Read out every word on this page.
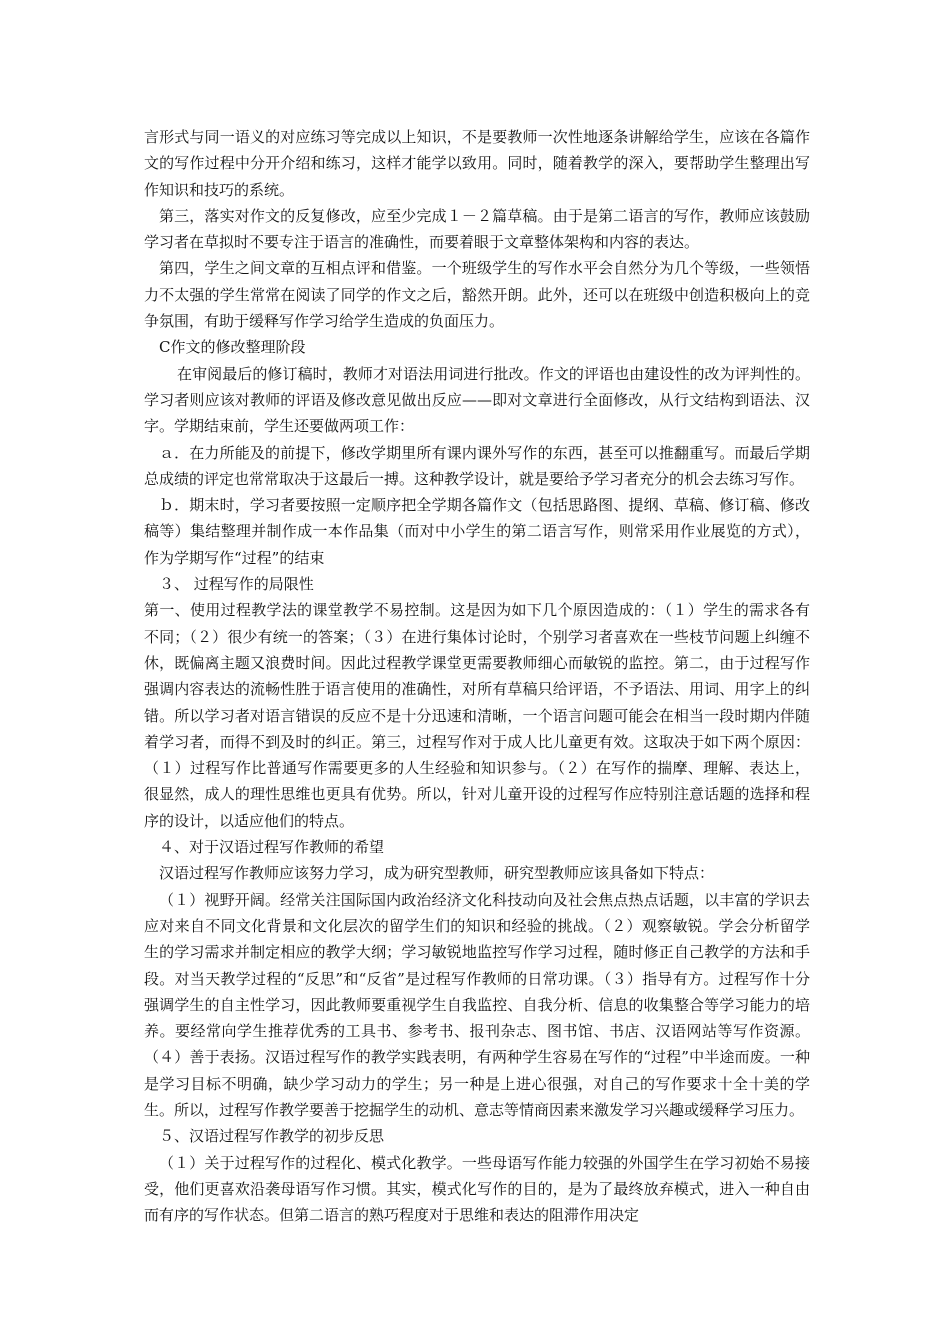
言形式与同一语义的对应练习等完成以上知识，不是要教师一次性地逐条讲解给学生，应该在各篇作文的写作过程中分开介绍和练习，这样才能学以致用。同时，随着教学的深入，要帮助学生整理出写作知识和技巧的系统。

第三，落实对作文的反复修改，应至少完成１－２篇草稿。由于是第二语言的写作，教师应该鼓励学习者在草拟时不要专注于语言的准确性，而要着眼于文章整体架构和内容的表达。

第四，学生之间文章的互相点评和借鉴。一个班级学生的写作水平会自然分为几个等级，一些领悟力不太强的学生常常在阅读了同学的作文之后，豁然开朗。此外，还可以在班级中创造积极向上的竞争氛围，有助于缓释写作学习给学生造成的负面压力。

C作文的修改整理阶段

在审阅最后的修订稿时，教师才对语法用词进行批改。作文的评语也由建设性的改为评判性的。学习者则应该对教师的评语及修改意见做出反应——即对文章进行全面修改，从行文结构到语法、汉字。学期结束前，学生还要做两项工作：

ａ．在力所能及的前提下，修改学期里所有课内课外写作的东西，甚至可以推翻重写。而最后学期总成绩的评定也常常取决于这最后一搏。这种教学设计，就是要给予学习者充分的机会去练习写作。

ｂ．期末时，学习者要按照一定顺序把全学期各篇作文（包括思路图、提纲、草稿、修订稿、修改稿等）集结整理并制作成一本作品集（而对中小学生的第二语言写作，则常采用作业展览的方式），作为学期写作“过程”的结束

３、 过程写作的局限性

第一、使用过程教学法的课堂教学不易控制。这是因为如下几个原因造成的：（１）学生的需求各有不同；（２）很少有统一的答案；（３）在进行集体讨论时，个别学习者喜欢在一些枝节问题上纠缠不休，既偏离主题又浪费时间。因此过程教学课堂更需要教师细心而敏锐的监控。第二，由于过程写作强调内容表达的流畅性胜于语言使用的准确性，对所有草稿只给评语，不予语法、用词、用字上的纠错。所以学习者对语言错误的反应不是十分迅速和清晰，一个语言问题可能会在相当一段时期内伴随着学习者，而得不到及时的纠正。第三，过程写作对于成人比儿童更有效。这取决于如下两个原因：（１）过程写作比普通写作需要更多的人生经验和知识参与。（２）在写作的揣摩、理解、表达上，很显然，成人的理性思维也更具有优势。所以，针对儿童开设的过程写作应特别注意话题的选择和程序的设计，以适应他们的特点。

４、对于汉语过程写作教师的希望

汉语过程写作教师应该努力学习，成为研究型教师，研究型教师应该具备如下特点：

（１）视野开阔。经常关注国际国内政治经济文化科技动向及社会焦点热点话题，以丰富的学识去应对来自不同文化背景和文化层次的留学生们的知识和经验的挑战。（２）观察敏锐。学会分析留学生的学习需求并制定相应的教学大纲；学习敏锐地监控写作学习过程，随时修正自己教学的方法和手段。对当天教学过程的“反思”和“反省”是过程写作教师的日常功课。（３）指导有方。过程写作十分强调学生的自主性学习，因此教师要重视学生自我监控、自我分析、信息的收集整合等学习能力的培养。要经常向学生推荐优秀的工具书、参考书、报刊杂志、图书馆、书店、汉语网站等写作资源。（４）善于表扬。汉语过程写作的教学实践表明，有两种学生容易在写作的“过程”中半途而废。一种是学习目标不明确，缺少学习动力的学生；另一种是上进心很强，对自己的写作要求十全十美的学生。所以，过程写作教学要善于挖掘学生的动机、意志等情商因素来激发学习兴趣或缓释学习压力。

５、汉语过程写作教学的初步反思

（１）关于过程写作的过程化、模式化教学。一些母语写作能力较强的外国学生在学习初始不易接受，他们更喜欢沿袭母语写作习惯。其实，模式化写作的目的，是为了最终放弃模式，进入一种自由而有序的写作状态。但第二语言的熟巧程度对于思维和表达的阻滞作用决定
